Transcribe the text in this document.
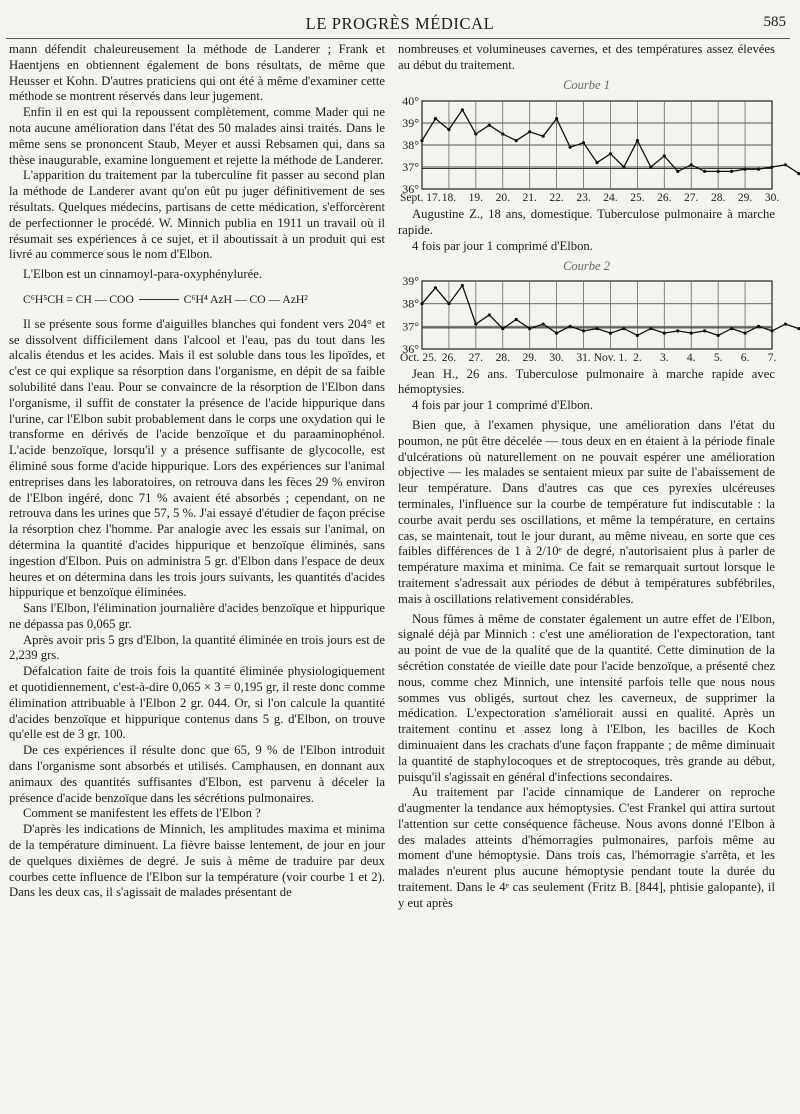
LE PROGRÈS MÉDICAL	585

mann défendit chaleureusement la méthode de Landerer ; Frank et Haentjens en obtiennent également de bons résultats, de même que Heusser et Kohn. D'autres praticiens qui ont été à même d'examiner cette méthode se montrent réservés dans leur jugement.

Enfin il en est qui la repoussent complètement, comme Mader qui ne nota aucune amélioration dans l'état des 50 malades ainsi traités. Dans le même sens se prononcent Staub, Meyer et aussi Rebsamen qui, dans sa thèse inaugurable, examine longuement et rejette la méthode de Landerer.

L'apparition du traitement par la tuberculine fit passer au second plan la méthode de Landerer avant qu'on eût pu juger définitivement de ses résultats. Quelques médecins, partisans de cette médication, s'efforcèrent de perfectionner le procédé. W. Minnich publia en 1911 un travail où il résumait ses expériences à ce sujet, et il aboutissait à un produit qui est livré au commerce sous le nom d'Elbon.

L'Elbon est un cinnamoyl-para-oxyphénylurée.

C⁶H⁵CH = CH — COO	C⁶H⁴ AzH — CO — AzH²

Il se présente sous forme d'aiguilles blanches qui fondent vers 204° et se dissolvent difficilement dans l'alcool et l'eau, pas du tout dans les alcalis étendus et les acides. Mais il est soluble dans tous les lipoïdes, et c'est ce qui explique sa résorption dans l'organisme, en dépit de sa faible solubilité dans l'eau. Pour se convaincre de la résorption de l'Elbon dans l'organisme, il suffit de constater la présence de l'acide hippurique dans l'urine, car l'Elbon subit probablement dans le corps une oxydation qui le transforme en dérivés de l'acide benzoïque et du paraaminophénol. L'acide benzoïque, lorsqu'il y a présence suffisante de glycocolle, est éliminé sous forme d'acide hippurique. Lors des expériences sur l'animal entreprises dans les laboratoires, on retrouva dans les fèces 29 % environ de l'Elbon ingéré, donc 71 % avaient été absorbés ; cependant, on ne retrouva dans les urines que 57, 5 %. J'ai essayé d'étudier de façon précise la résorption chez l'homme. Par analogie avec les essais sur l'animal, on détermina la quantité d'acides hippurique et benzoïque éliminés, sans ingestion d'Elbon. Puis on administra 5 gr. d'Elbon dans l'espace de deux heures et on détermina dans les trois jours suivants, les quantités d'acides hippurique et benzoïque éliminées.

Sans l'Elbon, l'élimination journalière d'acides benzoïque et hippurique ne dépassa pas 0,065 gr.

Après avoir pris 5 grs d'Elbon, la quantité éliminée en trois jours est de 2,239 grs.

Défalcation faite de trois fois la quantité éliminée physiologiquement et quotidiennement, c'est-à-dire 0,065 × 3 = 0,195 gr, il reste donc comme élimination attribuable à l'Elbon 2 gr. 044. Or, si l'on calcule la quantité d'acides benzoïque et hippurique contenus dans 5 g. d'Elbon, on trouve qu'elle est de 3 gr. 100.

De ces expériences il résulte donc que 65, 9 % de l'Elbon introduit dans l'organisme sont absorbés et utilisés. Camphausen, en donnant aux animaux des quantités suffisantes d'Elbon, est parvenu à déceler la présence d'acide benzoïque dans les sécrétions pulmonaires.

Comment se manifestent les effets de l'Elbon ?

D'après les indications de Minnich, les amplitudes maxima et minima de la température diminuent. La fièvre baisse lentement, de jour en jour de quelques dixièmes de degré. Je suis à même de traduire par deux courbes cette influence de l'Elbon sur la température (voir courbe 1 et 2). Dans les deux cas, il s'agissait de malades présentant de

nombreuses et volumineuses cavernes, et des températures assez élevées au début du traitement.

Courbe 1
40°
39°
38°
37°
36°
Sept. 17. 18. 19. 20. 21. 22. 23. 24. 25. 26. 27. 28. 29. 30.

Augustine Z., 18 ans, domestique. Tuberculose pulmonaire à marche rapide.

4 fois par jour 1 comprimé d'Elbon.

Courbe 2
39°
38°
37°
36°
Oct. 25. 26. 27. 28. 29. 30. 31. Nov. 1. 2. 3. 4. 5. 6. 7.

Jean H., 26 ans. Tuberculose pulmonaire à marche rapide avec hémoptysies.

4 fois par jour 1 comprimé d'Elbon.

Bien que, à l'examen physique, une amélioration dans l'état du poumon, ne pût être décelée — tous deux en en étaient à la période finale d'ulcérations où naturellement on ne pouvait espérer une amélioration objective — les malades se sentaient mieux par suite de l'abaissement de leur température. Dans d'autres cas que ces pyrexies ulcéreuses terminales, l'influence sur la courbe de température fut indiscutable : la courbe avait perdu ses oscillations, et même la température, en certains cas, se maintenait, tout le jour durant, au même niveau, en sorte que ces faibles différences de 1 à 2/10ᵉ de degré, n'autorisaient plus à parler de température maxima et minima. Ce fait se remarquait surtout lorsque le traitement s'adressait aux périodes de début à températures subfébriles, mais à oscillations relativement considérables.

Nous fûmes à même de constater également un autre effet de l'Elbon, signalé déjà par Minnich : c'est une amélioration de l'expectoration, tant au point de vue de la qualité que de la quantité. Cette diminution de la sécrétion constatée de vieille date pour l'acide benzoïque, a présenté chez nous, comme chez Minnich, une intensité parfois telle que nous nous sommes vus obligés, surtout chez les caverneux, de supprimer la médication. L'expectoration s'améliorait aussi en qualité. Après un traitement continu et assez long à l'Elbon, les bacilles de Koch diminuaient dans les crachats d'une façon frappante ; de même diminuait la quantité de staphylocoques et de streptocoques, très grande au début, puisqu'il s'agissait en général d'infections secondaires.

Au traitement par l'acide cinnamique de Landerer on reproche d'augmenter la tendance aux hémoptysies. C'est Frankel qui attira surtout l'attention sur cette conséquence fâcheuse. Nous avons donné l'Elbon à des malades atteints d'hémorragies pulmonaires, parfois même au moment d'une hémoptysie. Dans trois cas, l'hémorragie s'arrêta, et les malades n'eurent plus aucune hémoptysie pendant toute la durée du traitement. Dans le 4ᵉ cas seulement (Fritz B. [844], phtisie galopante), il y eut après
